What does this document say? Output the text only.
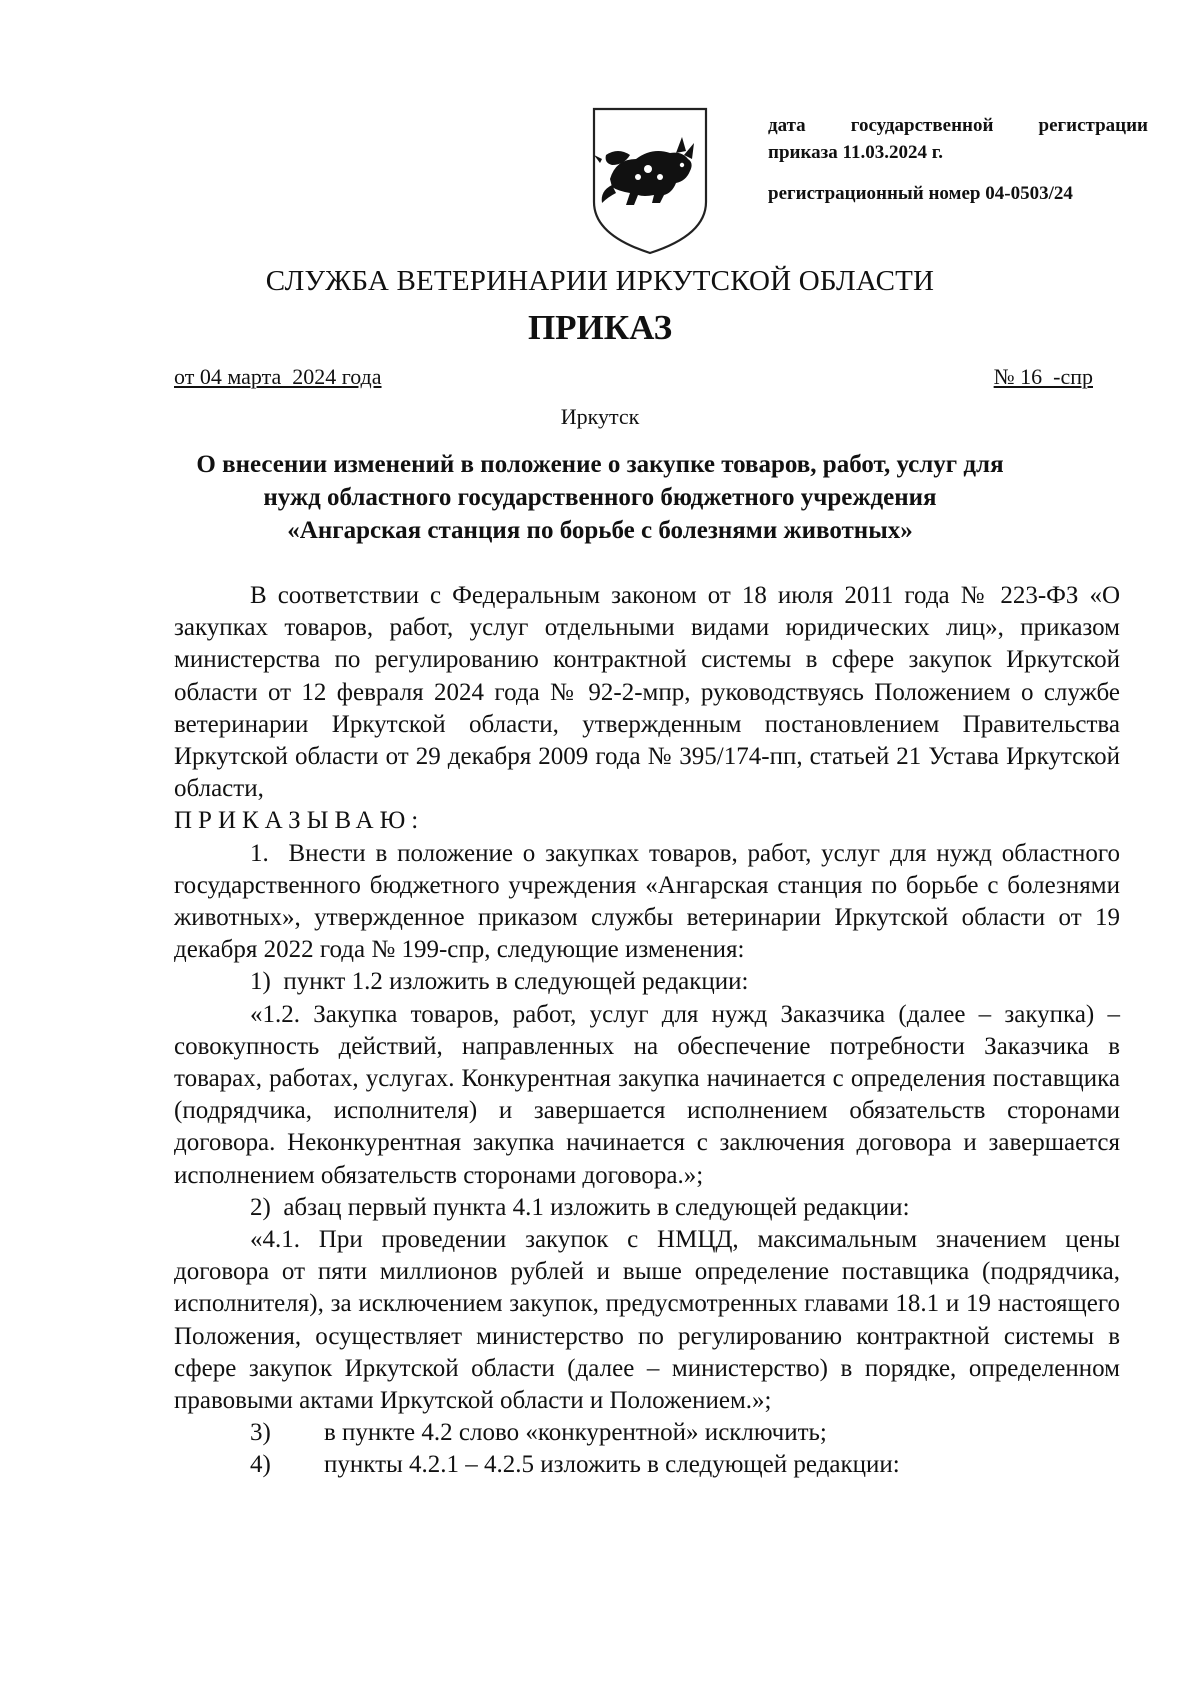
дата государственной регистрации
приказа 11.03.2024 г.
регистрационный номер 04-0503/24
СЛУЖБА ВЕТЕРИНАРИИ ИРКУТСКОЙ ОБЛАСТИ
ПРИКАЗ
от 04 марта  2024 года	№ 16  -спр
Иркутск
О внесении изменений в положение о закупке товаров, работ, услуг для
нужд областного государственного бюджетного учреждения
«Ангарская станция по борьбе с болезнями животных»

В соответствии с Федеральным законом от 18 июля 2011 года № 223-ФЗ «О закупках товаров, работ, услуг отдельными видами юридических лиц», приказом министерства по регулированию контрактной системы в сфере закупок Иркутской области от 12 февраля 2024 года № 92-2-мпр, руководствуясь Положением о службе ветеринарии Иркутской области, утвержденным постановлением Правительства Иркутской области от 29 декабря 2009 года № 395/174-пп, статьей 21 Устава Иркутской области,

ПРИКАЗЫВАЮ:

1.  Внести в положение о закупках товаров, работ, услуг для нужд областного государственного бюджетного учреждения «Ангарская станция по борьбе с болезнями животных», утвержденное приказом службы ветеринарии Иркутской области от 19 декабря 2022 года № 199-спр, следующие изменения:

1)  пункт 1.2 изложить в следующей редакции:

«1.2. Закупка товаров, работ, услуг для нужд Заказчика (далее – закупка) – совокупность действий, направленных на обеспечение потребности Заказчика в товарах, работах, услугах. Конкурентная закупка начинается с определения поставщика (подрядчика, исполнителя) и завершается исполнением обязательств сторонами договора. Неконкурентная закупка начинается с заключения договора и завершается исполнением обязательств сторонами договора.»;

2)  абзац первый пункта 4.1 изложить в следующей редакции:

«4.1. При проведении закупок с НМЦД, максимальным значением цены договора от пяти миллионов рублей и выше определение поставщика (подрядчика, исполнителя), за исключением закупок, предусмотренных главами 18.1 и 19 настоящего Положения, осуществляет министерство по регулированию контрактной системы в сфере закупок Иркутской области (далее – министерство) в порядке, определенном правовыми актами Иркутской области и Положением.»;

3) в пункте 4.2 слово «конкурентной» исключить;

4) пункты 4.2.1 – 4.2.5 изложить в следующей редакции:
